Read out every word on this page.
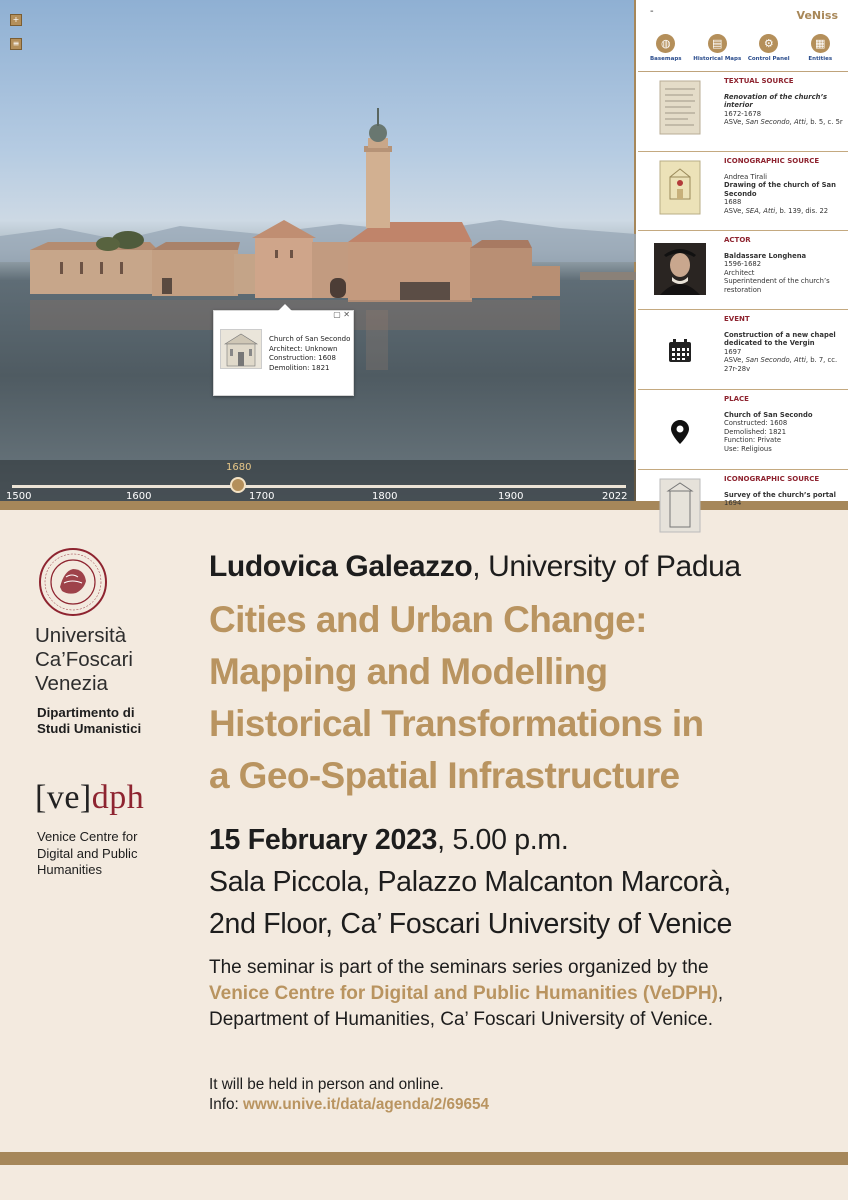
+
≡
▢ ✕
Church of San Secondo
Architect: Unknown
Construction: 1608
Demolition: 1821
1680
1500	1600	1700	1800	1900	2022
-	VeNiss
◍
Basemaps
▤
Historical Maps
⚙
Control Panel
▦
Entities
TEXTUAL SOURCE
Renovation of the church’s interior
1672-1678
ASVe, San Secondo, Atti, b. 5, c. 5r
ICONOGRAPHIC SOURCE
Andrea Tirali
Drawing of the church of San Secondo
1688
ASVe, SEA, Atti, b. 139, dis. 22
ACTOR
Baldassare Longhena
1596-1682
Architect
Superintendent of the church’s restoration
EVENT
Construction of a new chapel dedicated to the Vergin
1697
ASVe, San Secondo, Atti, b. 7, cc. 27r-28v
PLACE
Church of San Secondo
Constructed: 1608
Demolished: 1821
Function: Private
Use: Religious
ICONOGRAPHIC SOURCE
Survey of the church’s portal
1694
Università
Ca’Foscari
Venezia
Dipartimento di
Studi Umanistici
[ve]dph
Venice Centre for
Digital and Public
Humanities
Ludovica Galeazzo, University of Padua
Cities and Urban Change:
Mapping and Modelling
Historical Transformations in
a Geo-Spatial Infrastructure
15 February 2023, 5.00 p.m.
Sala Piccola, Palazzo Malcanton Marcorà,
2nd Floor, Ca’ Foscari University of Venice
The seminar is part of the seminars series organized by the
Venice Centre for Digital and Public Humanities (VeDPH),
Department of Humanities, Ca’ Foscari University of Venice.
It will be held in person and online.
Info: www.unive.it/data/agenda/2/69654
